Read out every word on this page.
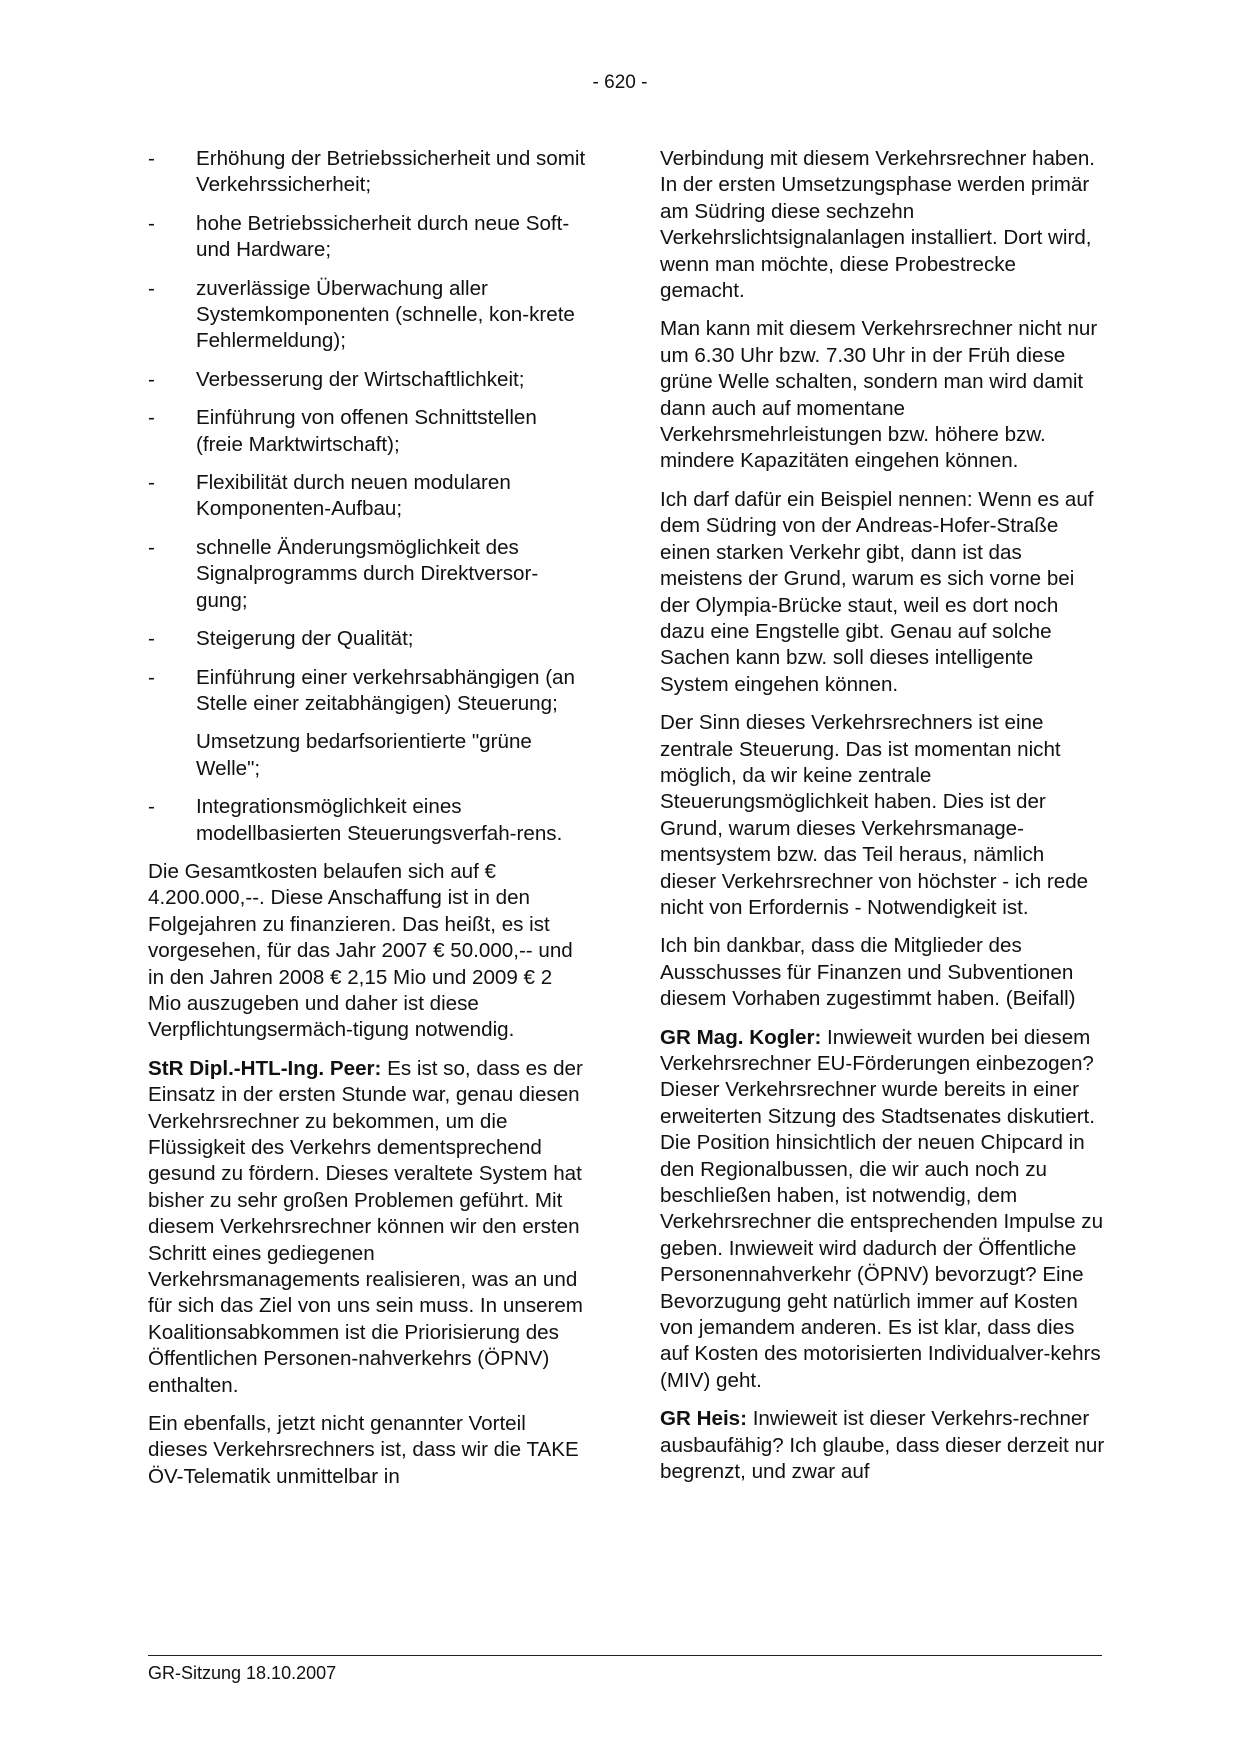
- 620 -

- Erhöhung der Betriebssicherheit und somit Verkehrssicherheit;
- hohe Betriebssicherheit durch neue Soft- und Hardware;
- zuverlässige Überwachung aller Systemkomponenten (schnelle, kon-krete Fehlermeldung);
- Verbesserung der Wirtschaftlichkeit;
- Einführung von offenen Schnittstellen (freie Marktwirtschaft);
- Flexibilität durch neuen modularen Komponenten-Aufbau;
- schnelle Änderungsmöglichkeit des Signalprogramms durch Direktversor-gung;
- Steigerung der Qualität;
- Einführung einer verkehrsabhängigen (an Stelle einer zeitabhängigen) Steuerung;
Umsetzung bedarfsorientierte "grüne Welle";
- Integrationsmöglichkeit eines modellbasierten Steuerungsverfah-rens.

Die Gesamtkosten belaufen sich auf € 4.200.000,--. Diese Anschaffung ist in den Folgejahren zu finanzieren. Das heißt, es ist vorgesehen, für das Jahr 2007 € 50.000,-- und in den Jahren 2008 € 2,15 Mio und 2009 € 2 Mio auszugeben und daher ist diese Verpflichtungsermäch-tigung notwendig.

StR Dipl.-HTL-Ing. Peer: Es ist so, dass es der Einsatz in der ersten Stunde war, genau diesen Verkehrsrechner zu bekommen, um die Flüssigkeit des Verkehrs dementsprechend gesund zu fördern. Dieses veraltete System hat bisher zu sehr großen Problemen geführt. Mit diesem Verkehrsrechner können wir den ersten Schritt eines gediegenen Verkehrsmanagements realisieren, was an und für sich das Ziel von uns sein muss. In unserem Koalitionsabkommen ist die Priorisierung des Öffentlichen Personen-nahverkehrs (ÖPNV) enthalten.

Ein ebenfalls, jetzt nicht genannter Vorteil dieses Verkehrsrechners ist, dass wir die TAKE ÖV-Telematik unmittelbar in

Verbindung mit diesem Verkehrsrechner haben. In der ersten Umsetzungsphase werden primär am Südring diese sechzehn Verkehrslichtsignalanlagen installiert. Dort wird, wenn man möchte, diese Probestrecke gemacht.

Man kann mit diesem Verkehrsrechner nicht nur um 6.30 Uhr bzw. 7.30 Uhr in der Früh diese grüne Welle schalten, sondern man wird damit dann auch auf momentane Verkehrsmehrleistungen bzw. höhere bzw. mindere Kapazitäten eingehen können.

Ich darf dafür ein Beispiel nennen: Wenn es auf dem Südring von der Andreas-Hofer-Straße einen starken Verkehr gibt, dann ist das meistens der Grund, warum es sich vorne bei der Olympia-Brücke staut, weil es dort noch dazu eine Engstelle gibt. Genau auf solche Sachen kann bzw. soll dieses intelligente System eingehen können.

Der Sinn dieses Verkehrsrechners ist eine zentrale Steuerung. Das ist momentan nicht möglich, da wir keine zentrale Steuerungsmöglichkeit haben. Dies ist der Grund, warum dieses Verkehrsmanage-mentsystem bzw. das Teil heraus, nämlich dieser Verkehrsrechner von höchster - ich rede nicht von Erfordernis - Notwendigkeit ist.

Ich bin dankbar, dass die Mitglieder des Ausschusses für Finanzen und Subventionen diesem Vorhaben zugestimmt haben. (Beifall)

GR Mag. Kogler: Inwieweit wurden bei diesem Verkehrsrechner EU-Förderungen einbezogen? Dieser Verkehrsrechner wurde bereits in einer erweiterten Sitzung des Stadtsenates diskutiert. Die Position hinsichtlich der neuen Chipcard in den Regionalbussen, die wir auch noch zu beschließen haben, ist notwendig, dem Verkehrsrechner die entsprechenden Impulse zu geben. Inwieweit wird dadurch der Öffentliche Personennahverkehr (ÖPNV) bevorzugt? Eine Bevorzugung geht natürlich immer auf Kosten von jemandem anderen. Es ist klar, dass dies auf Kosten des motorisierten Individualver-kehrs (MIV) geht.

GR Heis: Inwieweit ist dieser Verkehrs-rechner ausbaufähig? Ich glaube, dass dieser derzeit nur begrenzt, und zwar auf

GR-Sitzung 18.10.2007
